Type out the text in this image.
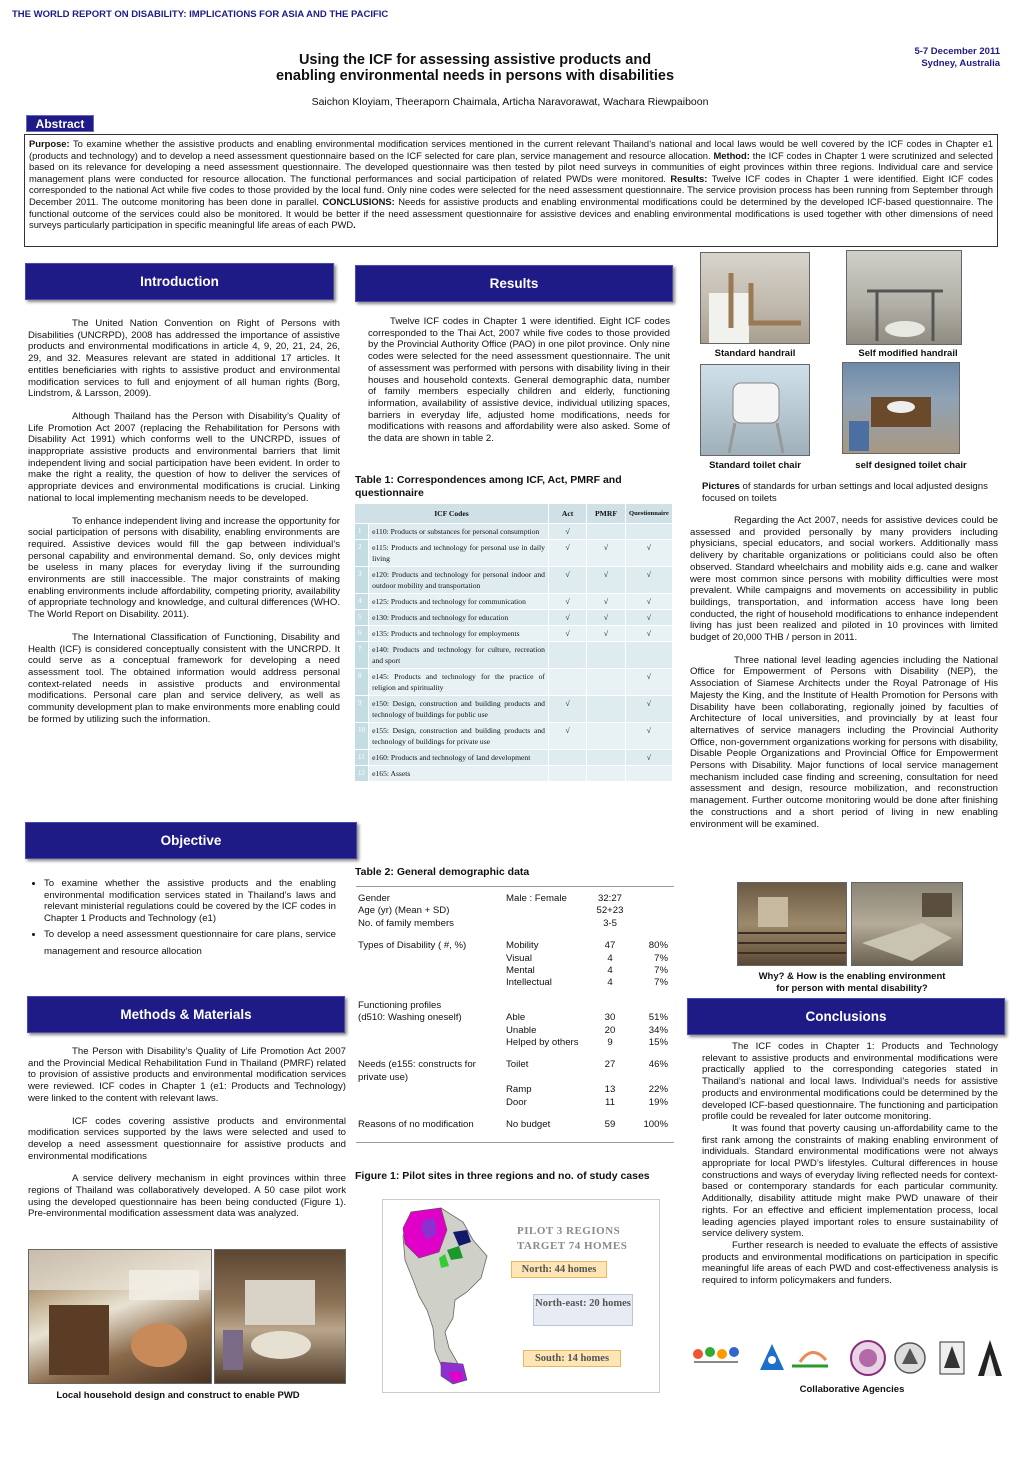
THE WORLD REPORT ON DISABILITY: IMPLICATIONS FOR ASIA AND THE PACIFIC
5-7 December 2011
Sydney, Australia
Using the ICF for assessing assistive products and
enabling environmental needs in persons with disabilities
Saichon Kloyiam, Theeraporn Chaimala, Articha Naravorawat, Wachara Riewpaiboon
Abstract

Purpose: To examine whether the assistive products and enabling environmental modification services mentioned in the current relevant Thailand’s national and local laws would be well covered by the ICF codes in Chapter e1 (products and technology) and to develop a need assessment questionnaire based on the ICF selected for care plan, service management and resource allocation. Method: the ICF codes in Chapter 1 were scrutinized and selected based on its relevance for developing a need assessment questionnaire. The developed questionnaire was then tested by pilot need surveys in communities of eight provinces within three regions. Individual care and service management plans were conducted for resource allocation. The functional performances and social participation of related PWDs were monitored. Results: Twelve ICF codes in Chapter 1 were identified. Eight ICF codes corresponded to the national Act while five codes to those provided by the local fund. Only nine codes were selected for the need assessment questionnaire. The service provision process has been running from September through December 2011. The outcome monitoring has been done in parallel. CONCLUSIONS: Needs for assistive products and enabling environmental modifications could be determined by the developed ICF-based questionnaire. The functional outcome of the services could also be monitored. It would be better if the need assessment questionnaire for assistive devices and enabling environmental modifications is used together with other dimensions of need surveys particularly participation in specific meaningful life areas of each PWD.

Introduction

The United Nation Convention on Right of Persons with Disabilities (UNCRPD), 2008 has addressed the importance of assistive products and environmental modifications in article 4, 9, 20, 21, 24, 26, 29, and 32. Measures relevant are stated in additional 17 articles. It entitles beneficiaries with rights to assistive product and environmental modification services to full and enjoyment of all human rights (Borg, Lindstrom, & Larsson, 2009).

Although Thailand has the Person with Disability’s Quality of Life Promotion Act 2007 (replacing the Rehabilitation for Persons with Disability Act 1991) which conforms well to the UNCRPD, issues of inappropriate assistive products and environmental barriers that limit independent living and social participation have been evident. In order to make the right a reality, the question of how to deliver the services of appropriate devices and environmental modifications is crucial. Linking national to local implementing mechanism needs to be developed.

To enhance independent living and increase the opportunity for social participation of persons with disability, enabling environments are required. Assistive devices would fill the gap between individual’s personal capability and environmental demand. So, only devices might be useless in many places for everyday living if the surrounding environments are still inaccessible. The major constraints of making enabling environments include affordability, competing priority, availability of appropriate technology and knowledge, and cultural differences (WHO. The World Report on Disability. 2011).

The International Classification of Functioning, Disability and Health (ICF) is considered conceptually consistent with the UNCRPD. It could serve as a conceptual framework for developing a need assessment tool. The obtained information would address personal context-related needs in assistive products and environmental modifications. Personal care plan and service delivery, as well as community development plan to make environments more enabling could be formed by utilizing such the information.

Objective
• To examine whether the assistive products and the enabling environmental modification services stated in Thailand’s laws and relevant ministerial regulations could be covered by the ICF codes in Chapter 1 Products and Technology (e1)
• To develop a need assessment questionnaire for care plans, service management and resource allocation
Methods & Materials

The Person with Disability’s Quality of Life Promotion Act 2007 and the Provincial Medical Rehabilitation Fund in Thailand (PMRF) related to provision of assistive products and environmental modification services were reviewed. ICF codes in Chapter 1 (e1: Products and Technology) were linked to the content with relevant laws.

ICF codes covering assistive products and environmental modification services supported by the laws were selected and used to develop a need assessment questionnaire for assistive products and environmental modifications

A service delivery mechanism in eight provinces within three regions of Thailand was collaboratively developed. A 50 case pilot work using the developed questionnaire has been being conducted (Figure 1). Pre-environmental modification assessment data was analyzed.

Local household design and construct to enable PWD
Results

Twelve ICF codes in Chapter 1 were identified. Eight ICF codes corresponded to the Thai Act, 2007 while five codes to those provided by the Provincial Authority Office (PAO) in one pilot province. Only nine codes were selected for the need assessment questionnaire. The unit of assessment was performed with persons with disability living in their houses and household contexts. General demographic data, number of family members especially children and elderly, functioning information, availability of assistive device, individual utilizing spaces, barriers in everyday life, adjusted home modifications, needs for modifications with reasons and affordability were also asked. Some of the data are shown in table 2.

Table 1: Correspondences among ICF, Act, PMRF and questionnaire
ICF Codes		Act	PMRF	Questionnaire
1	e110: Products or substances for personal consumption	√		
2	e115: Products and technology for personal use in daily living	√	√	√
3	e120: Products and technology for personal indoor and outdoor mobility and transportation	√	√	√
4	e125: Products and technology for communication	√	√	√
5	e130: Products and technology for education	√	√	√
6	e135: Products and technology for employments	√	√	√
7	e140: Products and technology for culture, recreation and sport			
8	e145: Products and technology for the practice of religion and spirituality			√
9	e150: Design, construction and building products and technology of buildings for public use	√		√
10	e155: Design, construction and building products and technology of buildings for private use	√		√
11	e160: Products and technology of land development			√
12	e165: Assets			
Table 2: General demographic data
Gender	Male : Female	32:27	
Age (yr) (Mean + SD)		52+23	
No. of family members		3-5	
Types of Disability ( #, %)	Mobility	47	80%
	Visual	4	7%
	Mental	4	7%
	Intellectual	4	7%
Functioning profiles			
(d510: Washing oneself)	Able	30	51%
	Unable	20	34%
	Helped by others	9	15%
Needs (e155: constructs for private use)	Toilet	27	46%
	Ramp	13	22%
	Door	11	19%
Reasons of no modification	No budget	59	100%
Figure 1: Pilot sites in three regions and no. of study cases
PILOT 3 REGIONS
TARGET 74 HOMES
North: 44 homes
North-east: 20 homes
South: 14 homes
Standard handrail	Self modified handrail
Standard toilet chair	self designed toilet chair
Pictures of standards for urban settings and local adjusted designs focused on toilets

Regarding the Act 2007, needs for assistive devices could be assessed and provided personally by many providers including physicians, special educators, and social workers. Additionally mass delivery by charitable organizations or politicians could also be often observed. Standard wheelchairs and mobility aids e.g. cane and walker were most common since persons with mobility difficulties were most prevalent. While campaigns and movements on accessibility in public buildings, transportation, and information access have long been conducted, the right of household modifications to enhance independent living has just been realized and piloted in 10 provinces with limited budget of 20,000 THB / person in 2011.

Three national level leading agencies including the National Office for Empowerment of Persons with Disability (NEP), the Association of Siamese Architects under the Royal Patronage of His Majesty the King, and the Institute of Health Promotion for Persons with Disability have been collaborating, regionally joined by faculties of Architecture of local universities, and provincially by at least four alternatives of service managers including the Provincial Authority Office, non-government organizations working for persons with disability, Disable People Organizations and Provincial Office for Empowerment Persons with Disability. Major functions of local service management mechanism included case finding and screening, consultation for need assessment and design, resource mobilization, and reconstruction management. Further outcome monitoring would be done after finishing the constructions and a short period of living in new enabling environment will be examined.

Why? & How is the enabling environment
for person with mental disability?
Conclusions

The ICF codes in Chapter 1: Products and Technology relevant to assistive products and environmental modifications were practically applied to the corresponding categories stated in Thailand’s national and local laws. Individual’s needs for assistive products and environmental modifications could be determined by the developed ICF-based questionnaire. The functioning and participation profile could be revealed for later outcome monitoring.

It was found that poverty causing un-affordability came to the first rank among the constraints of making enabling environment of individuals. Standard environmental modifications were not always appropriate for local PWD’s lifestyles. Cultural differences in house constructions and ways of everyday living reflected needs for context-based or contemporary standards for each particular community. Additionally, disability attitude might make PWD unaware of their rights. For an effective and efficient implementation process, local leading agencies played important roles to ensure sustainability of service delivery system.

Further research is needed to evaluate the effects of assistive products and environmental modifications on participation in specific meaningful life areas of each PWD and cost-effectiveness analysis is required to inform policymakers and funders.

Collaborative Agencies
